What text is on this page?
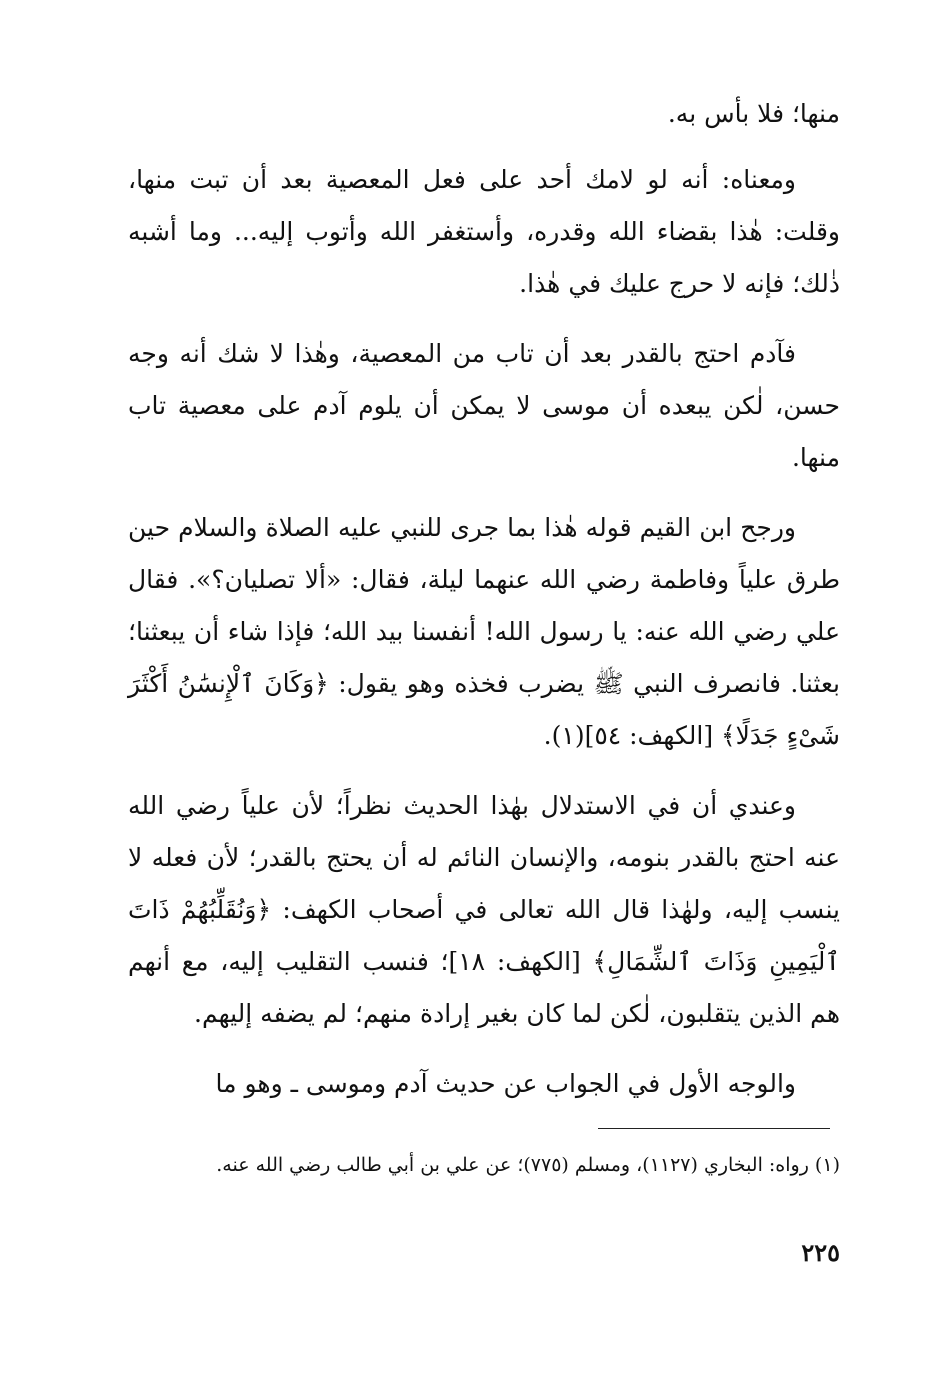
منها؛ فلا بأس به.

ومعناه: أنه لو لامك أحد على فعل المعصية بعد أن تبت منها، وقلت: هٰذا بقضاء الله وقدره، وأستغفر الله وأتوب إليه... وما أشبه ذٰلك؛ فإنه لا حرج عليك في هٰذا.

فآدم احتج بالقدر بعد أن تاب من المعصية، وهٰذا لا شك أنه وجه حسن، لٰكن يبعده أن موسى لا يمكن أن يلوم آدم على معصية تاب منها.

ورجح ابن القيم قوله هٰذا بما جرى للنبي عليه الصلاة والسلام حين طرق علياً وفاطمة رضي الله عنهما ليلة، فقال: «ألا تصليان؟». فقال علي رضي الله عنه: يا رسول الله! أنفسنا بيد الله؛ فإذا شاء أن يبعثنا؛ بعثنا. فانصرف النبي ﷺ يضرب فخذه وهو يقول: ﴿وَكَانَ ٱلْإِنسَٰنُ أَكْثَرَ شَىْءٍ جَدَلًا﴾ [الكهف: ٥٤](١).

وعندي أن في الاستدلال بهٰذا الحديث نظراً؛ لأن علياً رضي الله عنه احتج بالقدر بنومه، والإنسان النائم له أن يحتج بالقدر؛ لأن فعله لا ينسب إليه، ولهٰذا قال الله تعالى في أصحاب الكهف: ﴿وَنُقَلِّبُهُمْ ذَاتَ ٱلْيَمِينِ وَذَاتَ ٱلشِّمَالِ﴾ [الكهف: ١٨]؛ فنسب التقليب إليه، مع أنهم هم الذين يتقلبون، لٰكن لما كان بغير إرادة منهم؛ لم يضفه إليهم.

والوجه الأول في الجواب عن حديث آدم وموسى ـ وهو ما

(١) رواه: البخاري (١١٢٧)، ومسلم (٧٧٥)؛ عن علي بن أبي طالب رضي الله عنه.
٢٢٥
